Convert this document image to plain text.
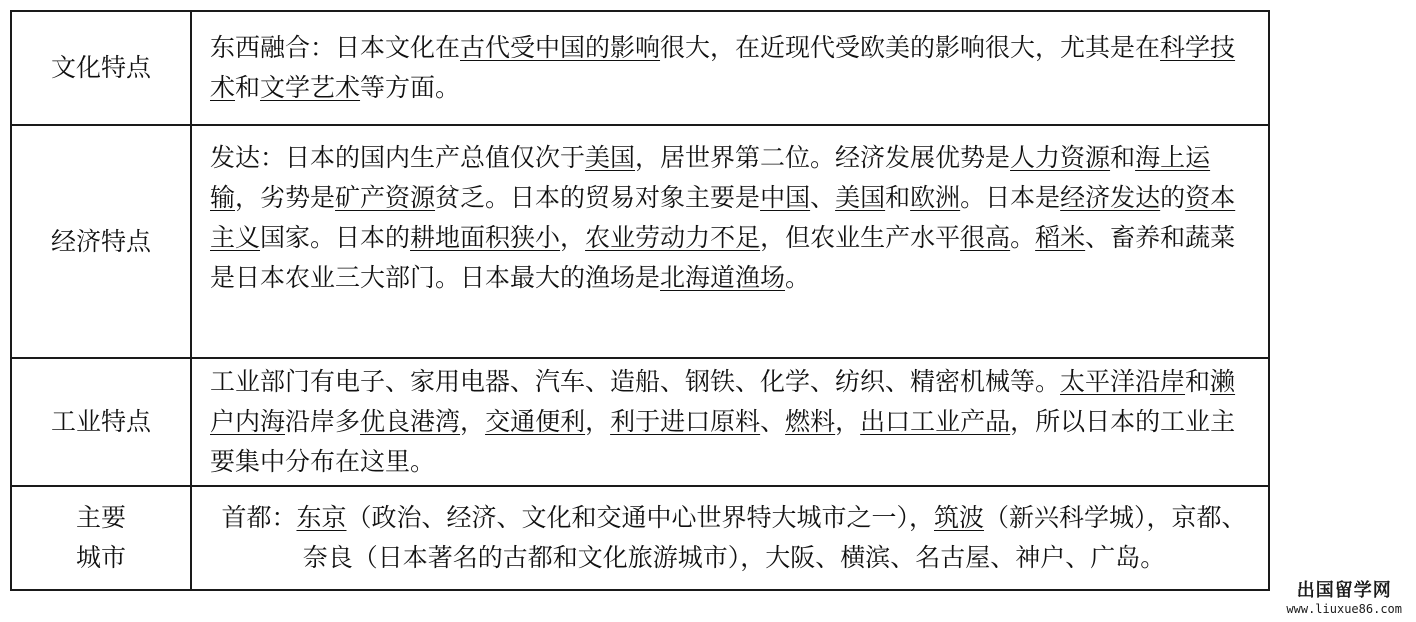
文化特点	东西融合：日本文化在古代受中国的影响很大，在近现代受欧美的影响很大，尤其是在科学技术和文学艺术等方面。

经济特点	发达：日本的国内生产总值仅次于美国，居世界第二位。经济发展优势是人力资源和海上运输，劣势是矿产资源贫乏。日本的贸易对象主要是中国、美国和欧洲。日本是经济发达的资本主义国家。日本的耕地面积狭小，农业劳动力不足，但农业生产水平很高。稻米、畜养和蔬菜是日本农业三大部门。日本最大的渔场是北海道渔场。

工业特点	工业部门有电子、家用电器、汽车、造船、钢铁、化学、纺织、精密机械等。太平洋沿岸和濑户内海沿岸多优良港湾，交通便利，利于进口原料、燃料，出口工业产品，所以日本的工业主要集中分布在这里。

主要
城市	首都：东京（政治、经济、文化和交通中心世界特大城市之一），筑波（新兴科学城），京都、奈良（日本著名的古都和文化旅游城市），大阪、横滨、名古屋、神户、广岛。

出国留学网
www.liuxue86.com
